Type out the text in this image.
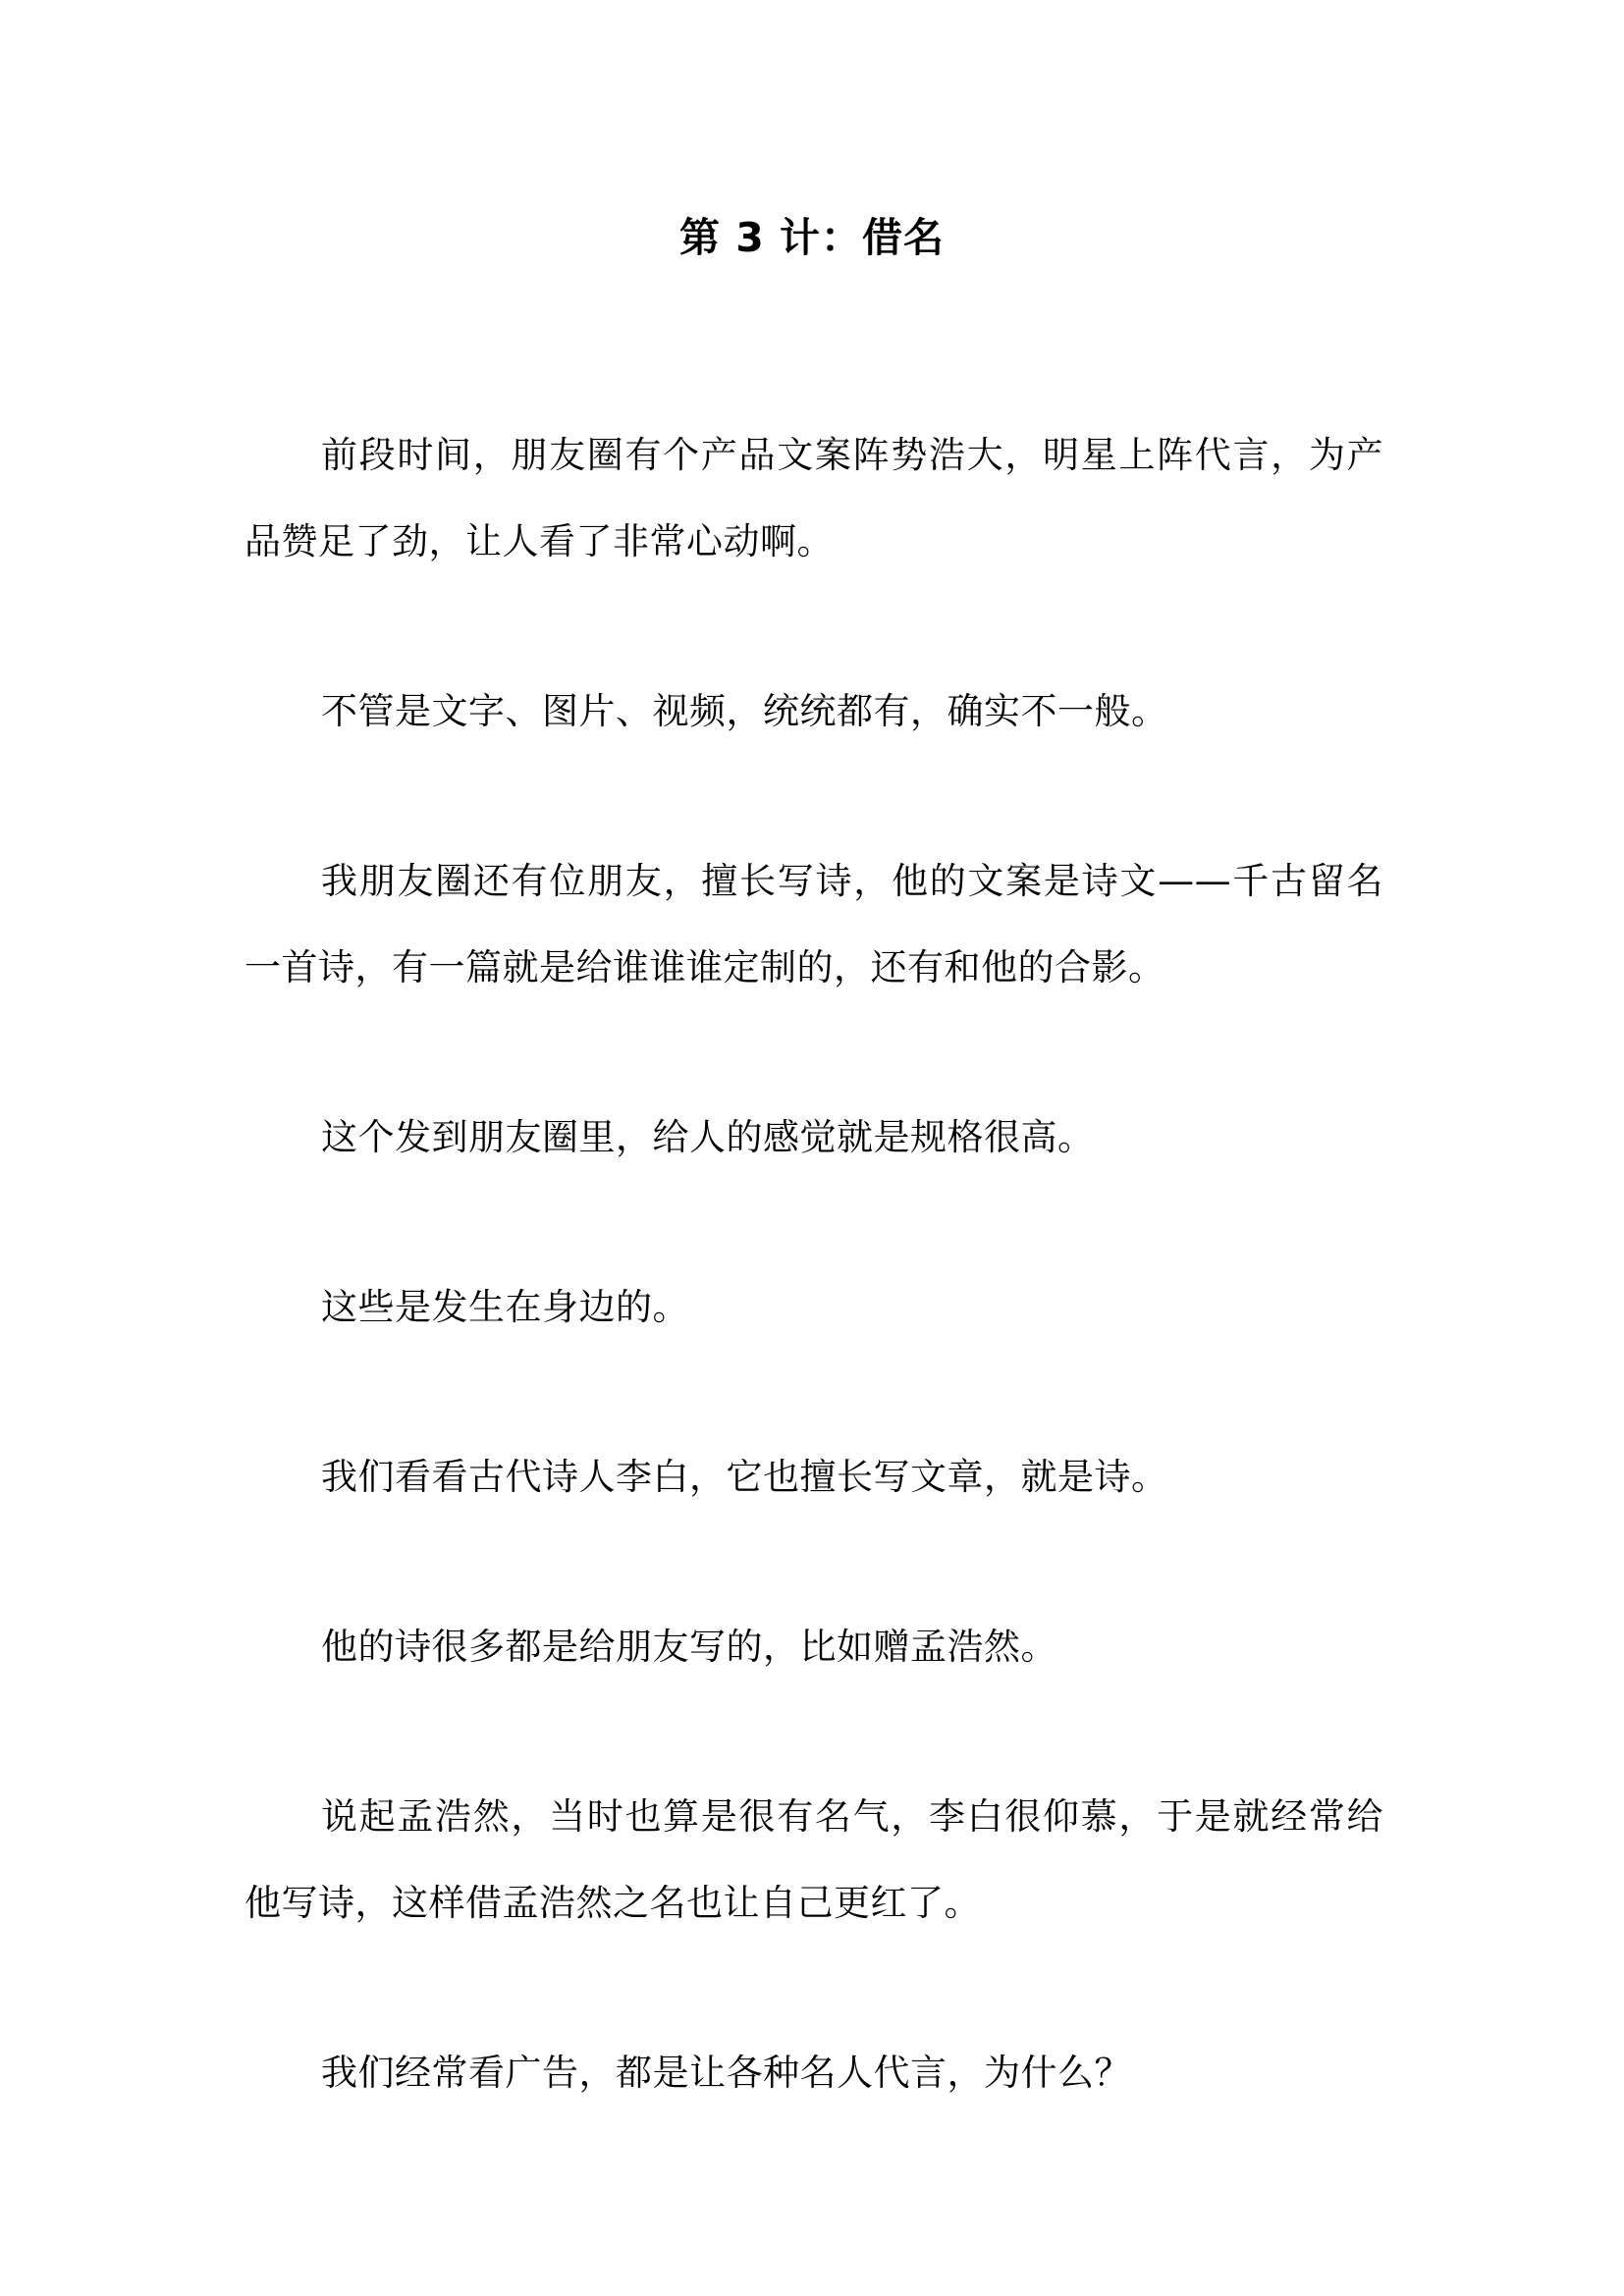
第 3 计：借名

前段时间，朋友圈有个产品文案阵势浩大，明星上阵代言，为产品赞足了劲，让人看了非常心动啊。

不管是文字、图片、视频，统统都有，确实不一般。

我朋友圈还有位朋友，擅长写诗，他的文案是诗文——千古留名一首诗，有一篇就是给谁谁谁定制的，还有和他的合影。

这个发到朋友圈里，给人的感觉就是规格很高。

这些是发生在身边的。

我们看看古代诗人李白，它也擅长写文章，就是诗。

他的诗很多都是给朋友写的，比如赠孟浩然。

说起孟浩然，当时也算是很有名气，李白很仰慕，于是就经常给他写诗，这样借孟浩然之名也让自己更红了。

我们经常看广告，都是让各种名人代言，为什么？
